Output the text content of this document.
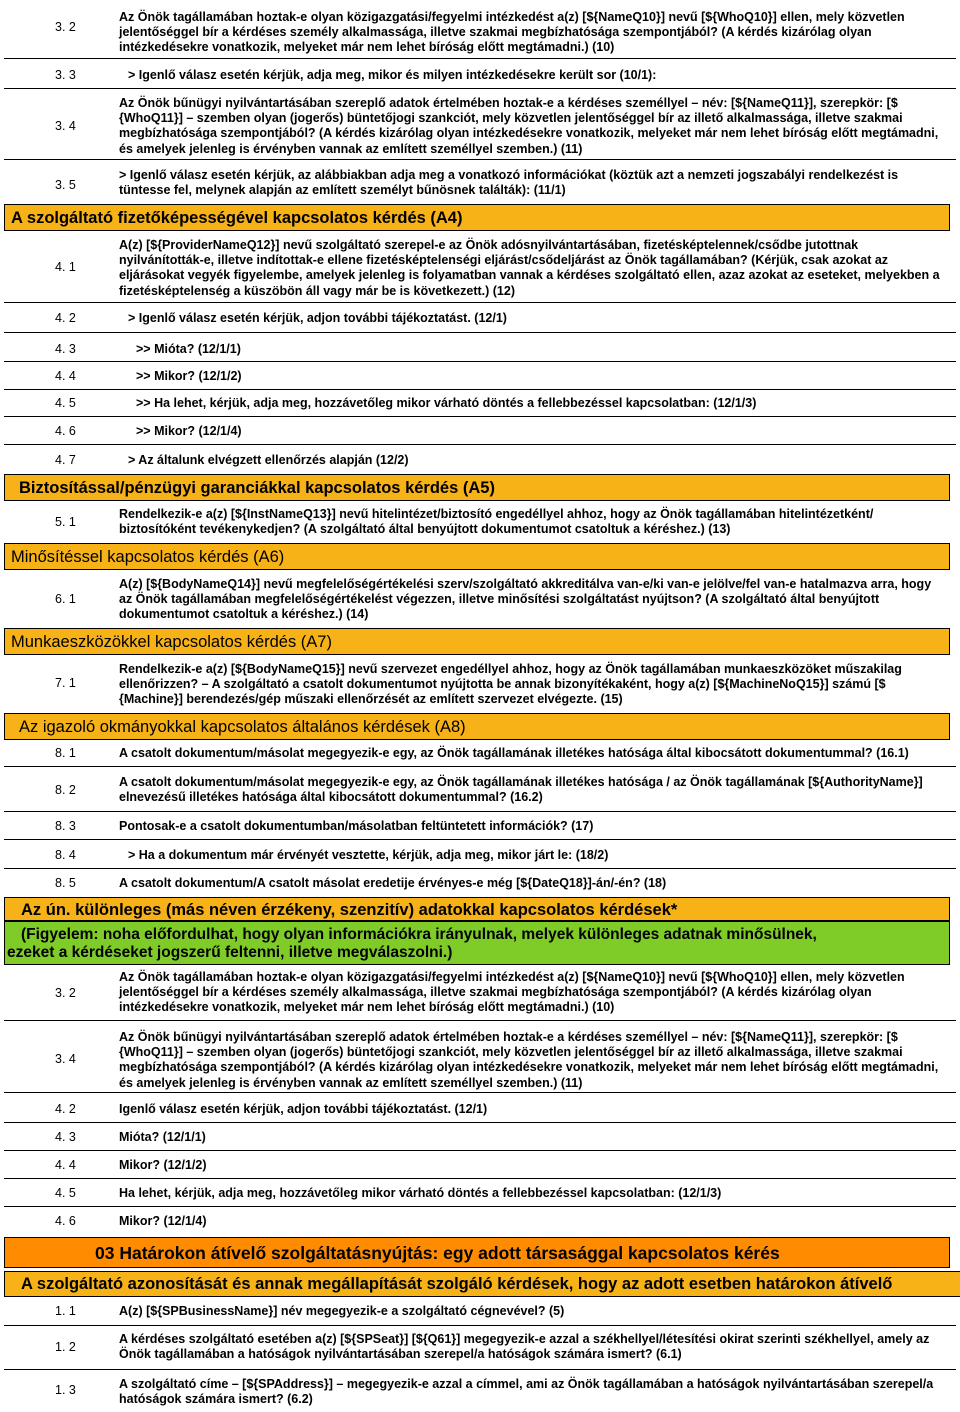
3. 2
Az Önök tagállamában hoztak-e olyan közigazgatási/fegyelmi intézkedést a(z) [${NameQ10}] nevű [${WhoQ10}] ellen, mely közvetlen
jelentőséggel bír a kérdéses személy alkalmassága, illetve szakmai megbízhatósága szempontjából? (A kérdés kizárólag olyan
intézkedésekre vonatkozik, melyeket már nem lehet bíróság előtt megtámadni.) (10)
3. 3	> Igenlő válasz esetén kérjük, adja meg, mikor és milyen intézkedésekre került sor (10/1):
3. 4
Az Önök bűnügyi nyilvántartásában szereplő adatok értelmében hoztak-e a kérdéses személlyel – név: [${NameQ11}], szerepkör: [$
{WhoQ11}] – szemben olyan (jogerős) büntetőjogi szankciót, mely közvetlen jelentőséggel bír az illető alkalmassága, illetve szakmai
megbízhatósága szempontjából? (A kérdés kizárólag olyan intézkedésekre vonatkozik, melyeket már nem lehet bíróság előtt megtámadni,
és amelyek jelenleg is érvényben vannak az említett személlyel szemben.) (11)
3. 5
> Igenlő válasz esetén kérjük, az alábbiakban adja meg a vonatkozó információkat (köztük azt a nemzeti jogszabályi rendelkezést is
tüntesse fel, melynek alapján az említett személyt bűnösnek találták): (11/1)
A szolgáltató fizetőképességével kapcsolatos kérdés (A4)
4. 1
A(z) [${ProviderNameQ12}] nevű szolgáltató szerepel-e az Önök adósnyilvántartásában, fizetésképtelennek/csődbe jutottnak
nyilvánították-e, illetve indítottak-e ellene fizetésképtelenségi eljárást/csődeljárást az Önök tagállamában? (Kérjük, csak azokat az
eljárásokat vegyék figyelembe, amelyek jelenleg is folyamatban vannak a kérdéses szolgáltató ellen, azaz azokat az eseteket, melyekben a
fizetésképtelenség a küszöbön áll vagy már be is következett.) (12)
4. 2	> Igenlő válasz esetén kérjük, adjon további tájékoztatást. (12/1)
4. 3	>> Mióta? (12/1/1)
4. 4	>> Mikor? (12/1/2)
4. 5	>> Ha lehet, kérjük, adja meg, hozzávetőleg mikor várható döntés a fellebbezéssel kapcsolatban: (12/1/3)
4. 6	>> Mikor? (12/1/4)
4. 7	> Az általunk elvégzett ellenőrzés alapján (12/2)
Biztosítással/pénzügyi garanciákkal kapcsolatos kérdés (A5)
5. 1
Rendelkezik-e a(z) [${InstNameQ13}] nevű hitelintézet/biztosító engedéllyel ahhoz, hogy az Önök tagállamában hitelintézetként/
biztosítóként tevékenykedjen? (A szolgáltató által benyújtott dokumentumot csatoltuk a kéréshez.) (13)
Minősítéssel kapcsolatos kérdés (A6)
6. 1
A(z) [${BodyNameQ14}] nevű megfelelőségértékelési szerv/szolgáltató akkreditálva van-e/ki van-e jelölve/fel van-e hatalmazva arra, hogy
az Önök tagállamában megfelelőségértékelést végezzen, illetve minősítési szolgáltatást nyújtson? (A szolgáltató által benyújtott
dokumentumot csatoltuk a kéréshez.) (14)
Munkaeszközökkel kapcsolatos kérdés (A7)
7. 1
Rendelkezik-e a(z) [${BodyNameQ15}] nevű szervezet engedéllyel ahhoz, hogy az Önök tagállamában munkaeszközöket műszakilag
ellenőrizzen? – A szolgáltató a csatolt dokumentumot nyújtotta be annak bizonyítékaként, hogy a(z) [${MachineNoQ15}] számú [$
{Machine}] berendezés/gép műszaki ellenőrzését az említett szervezet elvégezte. (15)
Az igazoló okmányokkal kapcsolatos általános kérdések (A8)
8. 1	A csatolt dokumentum/másolat megegyezik-e egy, az Önök tagállamának illetékes hatósága által kibocsátott dokumentummal? (16.1)
8. 2
A csatolt dokumentum/másolat megegyezik-e egy, az Önök tagállamának illetékes hatósága / az Önök tagállamának [${AuthorityName}]
elnevezésű illetékes hatósága által kibocsátott dokumentummal? (16.2)
8. 3	Pontosak-e a csatolt dokumentumban/másolatban feltüntetett információk? (17)
8. 4	> Ha a dokumentum már érvényét vesztette, kérjük, adja meg, mikor járt le: (18/2)
8. 5	A csatolt dokumentum/A csatolt másolat eredetije érvényes-e még [${DateQ18}]-án/-én? (18)
Az ún. különleges (más néven érzékeny, szenzitív) adatokkal kapcsolatos kérdések*
(Figyelem: noha előfordulhat, hogy olyan információkra irányulnak, melyek különleges adatnak minősülnek,
ezeket a kérdéseket jogszerű feltenni, illetve megválaszolni.)
3. 2
Az Önök tagállamában hoztak-e olyan közigazgatási/fegyelmi intézkedést a(z) [${NameQ10}] nevű [${WhoQ10}] ellen, mely közvetlen
jelentőséggel bír a kérdéses személy alkalmassága, illetve szakmai megbízhatósága szempontjából? (A kérdés kizárólag olyan
intézkedésekre vonatkozik, melyeket már nem lehet bíróság előtt megtámadni.) (10)
3. 4
Az Önök bűnügyi nyilvántartásában szereplő adatok értelmében hoztak-e a kérdéses személlyel – név: [${NameQ11}], szerepkör: [$
{WhoQ11}] – szemben olyan (jogerős) büntetőjogi szankciót, mely közvetlen jelentőséggel bír az illető alkalmassága, illetve szakmai
megbízhatósága szempontjából? (A kérdés kizárólag olyan intézkedésekre vonatkozik, melyeket már nem lehet bíróság előtt megtámadni,
és amelyek jelenleg is érvényben vannak az említett személlyel szemben.) (11)
4. 2	Igenlő válasz esetén kérjük, adjon további tájékoztatást. (12/1)
4. 3	Mióta? (12/1/1)
4. 4	Mikor? (12/1/2)
4. 5	Ha lehet, kérjük, adja meg, hozzávetőleg mikor várható döntés a fellebbezéssel kapcsolatban: (12/1/3)
4. 6	Mikor? (12/1/4)
03 Határokon átívelő szolgáltatásnyújtás: egy adott társasággal kapcsolatos kérés
A szolgáltató azonosítását és annak megállapítását szolgáló kérdések, hogy az adott esetben határokon átívelő
1. 1	A(z) [${SPBusinessName}] név megegyezik-e a szolgáltató cégnevével? (5)
1. 2
A kérdéses szolgáltató esetében a(z) [${SPSeat}] [${Q61}] megegyezik-e azzal a székhellyel/létesítési okirat szerinti székhellyel, amely az
Önök tagállamában a hatóságok nyilvántartásában szerepel/a hatóságok számára ismert? (6.1)
1. 3	A szolgáltató címe – [${SPAddress}] – megegyezik-e azzal a címmel, ami az Önök tagállamában a hatóságok nyilvántartásában szerepel/a
hatóságok számára ismert? (6.2)
